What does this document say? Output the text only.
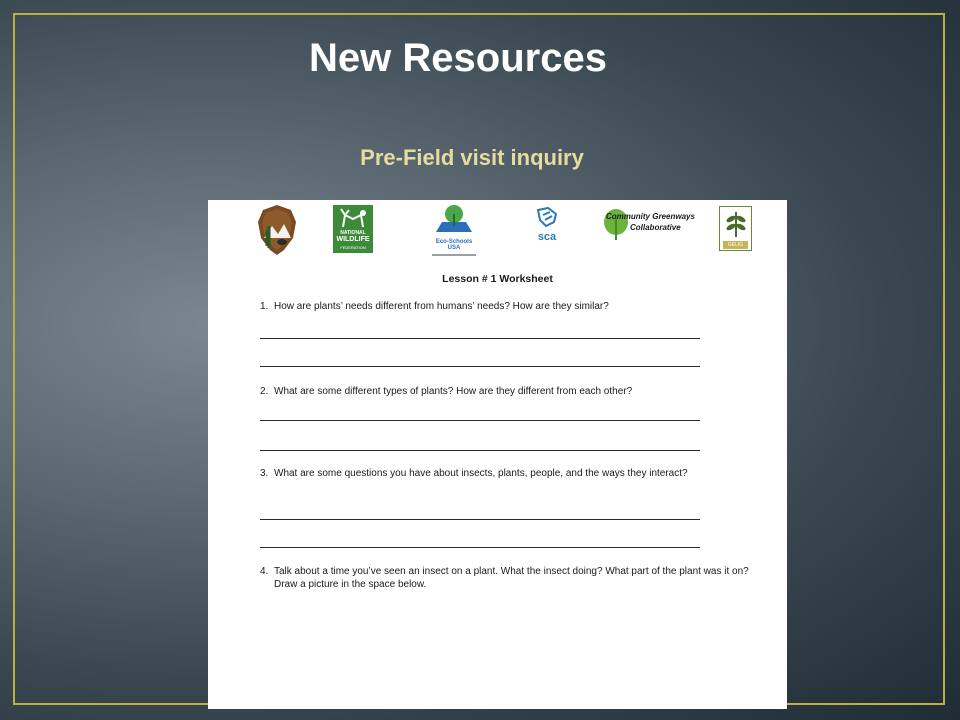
New Resources
Pre-Field visit inquiry
NATIONAL
WILDLIFE
FEDERATION
Eco-Schools USA
sca
Community Greenways
Collaborative
GELIG
Lesson # 1 Worksheet
1. How are plants’ needs different from humans’ needs? How are they similar?
2. What are some different types of plants? How are they different from each other?
3. What are some questions you have about insects, plants, people, and the ways they interact?
4. Talk about a time you’ve seen an insect on a plant. What the insect doing? What part of the plant was it on? Draw a picture in the space below.
